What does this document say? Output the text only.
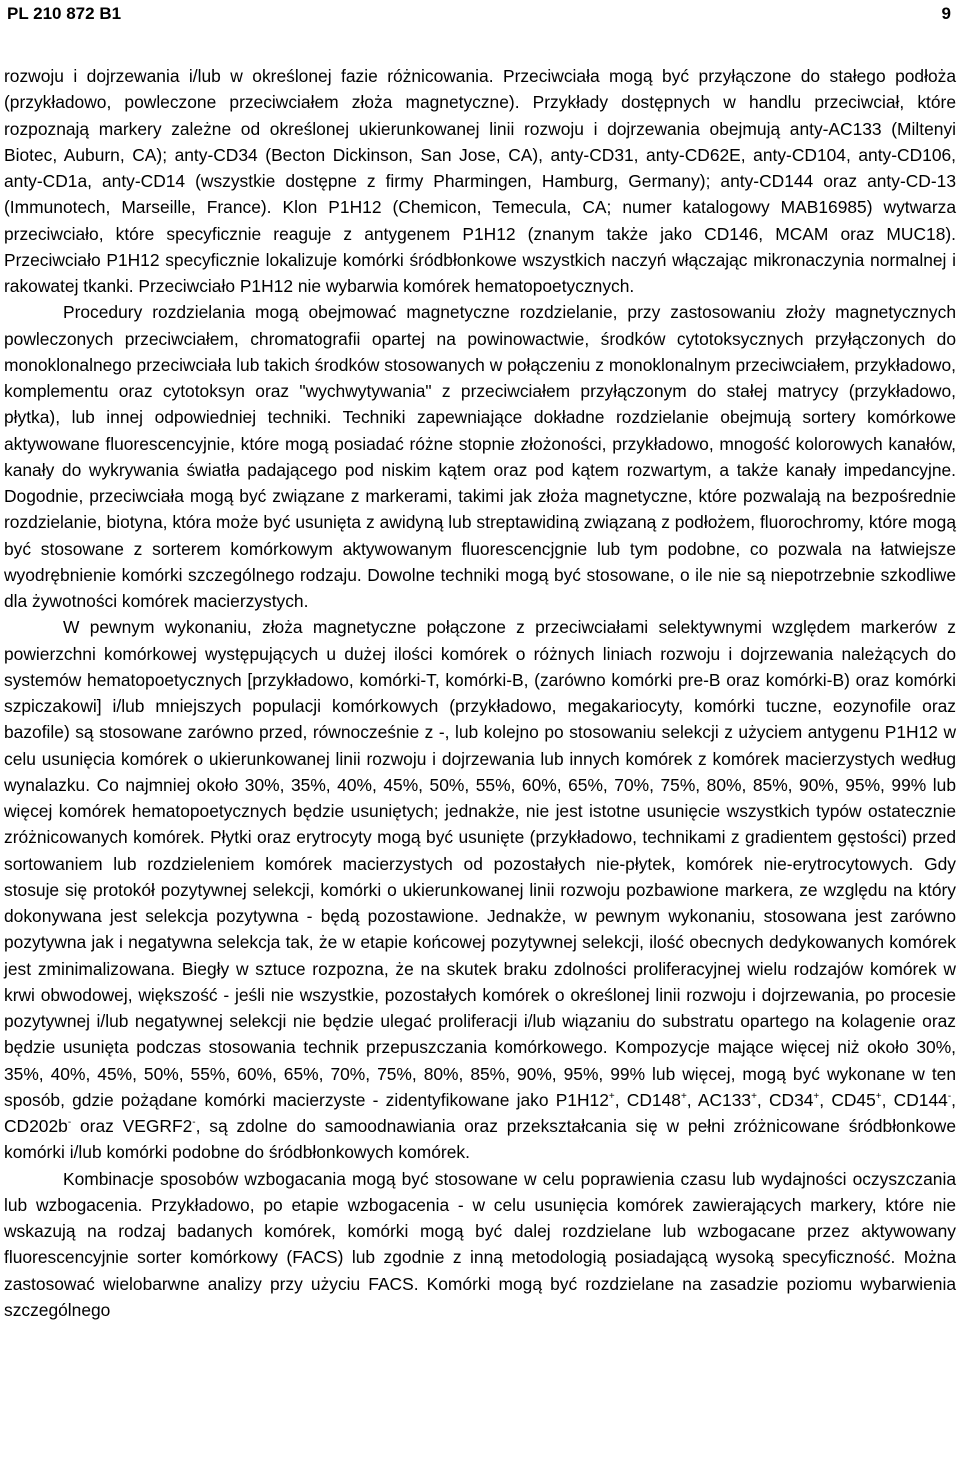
PL 210 872 B1	9

rozwoju i dojrzewania i/lub w określonej fazie różnicowania. Przeciwciała mogą być przyłączone do stałego podłoża (przykładowo, powleczone przeciwciałem złoża magnetyczne). Przykłady dostępnych w handlu przeciwciał, które rozpoznają markery zależne od określonej ukierunkowanej linii rozwoju i dojrzewania obejmują anty-AC133 (Miltenyi Biotec, Auburn, CA); anty-CD34 (Becton Dickinson, San Jose, CA), anty-CD31, anty-CD62E, anty-CD104, anty-CD106, anty-CD1a, anty-CD14 (wszystkie dostępne z firmy Pharmingen, Hamburg, Germany); anty-CD144 oraz anty-CD-13 (Immunotech, Marseille, France). Klon P1H12 (Chemicon, Temecula, CA; numer katalogowy MAB16985) wytwarza przeciwciało, które specyficznie reaguje z antygenem P1H12 (znanym także jako CD146, MCAM oraz MUC18). Przeciwciało P1H12 specyficznie lokalizuje komórki śródbłonkowe wszystkich naczyń włączając mikronaczynia normalnej i rakowatej tkanki. Przeciwciało P1H12 nie wybarwia komórek hematopoetycznych.

Procedury rozdzielania mogą obejmować magnetyczne rozdzielanie, przy zastosowaniu złoży magnetycznych powleczonych przeciwciałem, chromatografii opartej na powinowactwie, środków cytotoksycznych przyłączonych do monoklonalnego przeciwciała lub takich środków stosowanych w połączeniu z monoklonalnym przeciwciałem, przykładowo, komplementu oraz cytotoksyn oraz "wychwytywania" z przeciwciałem przyłączonym do stałej matrycy (przykładowo, płytka), lub innej odpowiedniej techniki. Techniki zapewniające dokładne rozdzielanie obejmują sortery komórkowe aktywowane fluorescencyjnie, które mogą posiadać różne stopnie złożoności, przykładowo, mnogość kolorowych kanałów, kanały do wykrywania światła padającego pod niskim kątem oraz pod kątem rozwartym, a także kanały impedancyjne. Dogodnie, przeciwciała mogą być związane z markerami, takimi jak złoża magnetyczne, które pozwalają na bezpośrednie rozdzielanie, biotyna, która może być usunięta z awidyną lub streptawidiną związaną z podłożem, fluorochromy, które mogą być stosowane z sorterem komórkowym aktywowanym fluorescencjgnie lub tym podobne, co pozwala na łatwiejsze wyodrębnienie komórki szczególnego rodzaju. Dowolne techniki mogą być stosowane, o ile nie są niepotrzebnie szkodliwe dla żywotności komórek macierzystych.

W pewnym wykonaniu, złoża magnetyczne połączone z przeciwciałami selektywnymi względem markerów z powierzchni komórkowej występujących u dużej ilości komórek o różnych liniach rozwoju i dojrzewania należących do systemów hematopoetycznych [przykładowo, komórki-T, komórki-B, (zarówno komórki pre-B oraz komórki-B) oraz komórki szpiczakowi] i/lub mniejszych populacji komórkowych (przykładowo, megakariocyty, komórki tuczne, eozynofile oraz bazofile) są stosowane zarówno przed, równocześnie z -, lub kolejno po stosowaniu selekcji z użyciem antygenu P1H12 w celu usunięcia komórek o ukierunkowanej linii rozwoju i dojrzewania lub innych komórek z komórek macierzystych według wynalazku. Co najmniej około 30%, 35%, 40%, 45%, 50%, 55%, 60%, 65%, 70%, 75%, 80%, 85%, 90%, 95%, 99% lub więcej komórek hematopoetycznych będzie usuniętych; jednakże, nie jest istotne usunięcie wszystkich typów ostatecznie zróżnicowanych komórek. Płytki oraz erytrocyty mogą być usunięte (przykładowo, technikami z gradientem gęstości) przed sortowaniem lub rozdzieleniem komórek macierzystych od pozostałych nie-płytek, komórek nie-erytrocytowych. Gdy stosuje się protokół pozytywnej selekcji, komórki o ukierunkowanej linii rozwoju pozbawione markera, ze względu na który dokonywana jest selekcja pozytywna - będą pozostawione. Jednakże, w pewnym wykonaniu, stosowana jest zarówno pozytywna jak i negatywna selekcja tak, że w etapie końcowej pozytywnej selekcji, ilość obecnych dedykowanych komórek jest zminimalizowana. Biegły w sztuce rozpozna, że na skutek braku zdolności proliferacyjnej wielu rodzajów komórek w krwi obwodowej, większość - jeśli nie wszystkie, pozostałych komórek o określonej linii rozwoju i dojrzewania, po procesie pozytywnej i/lub negatywnej selekcji nie będzie ulegać proliferacji i/lub wiązaniu do substratu opartego na kolagenie oraz będzie usunięta podczas stosowania technik przepuszczania komórkowego. Kompozycje mające więcej niż około 30%, 35%, 40%, 45%, 50%, 55%, 60%, 65%, 70%, 75%, 80%, 85%, 90%, 95%, 99% lub więcej, mogą być wykonane w ten sposób, gdzie pożądane komórki macierzyste - zidentyfikowane jako P1H12+, CD148+, AC133+, CD34+, CD45+, CD144-, CD202b- oraz VEGRF2-, są zdolne do samoodnawiania oraz przekształcania się w pełni zróżnicowane śródbłonkowe komórki i/lub komórki podobne do śródbłonkowych komórek.

Kombinacje sposobów wzbogacania mogą być stosowane w celu poprawienia czasu lub wydajności oczyszczania lub wzbogacenia. Przykładowo, po etapie wzbogacenia - w celu usunięcia komórek zawierających markery, które nie wskazują na rodzaj badanych komórek, komórki mogą być dalej rozdzielane lub wzbogacane przez aktywowany fluorescencyjnie sorter komórkowy (FACS) lub zgodnie z inną metodologią posiadającą wysoką specyficzność. Można zastosować wielobarwne analizy przy użyciu FACS. Komórki mogą być rozdzielane na zasadzie poziomu wybarwienia szczególnego
